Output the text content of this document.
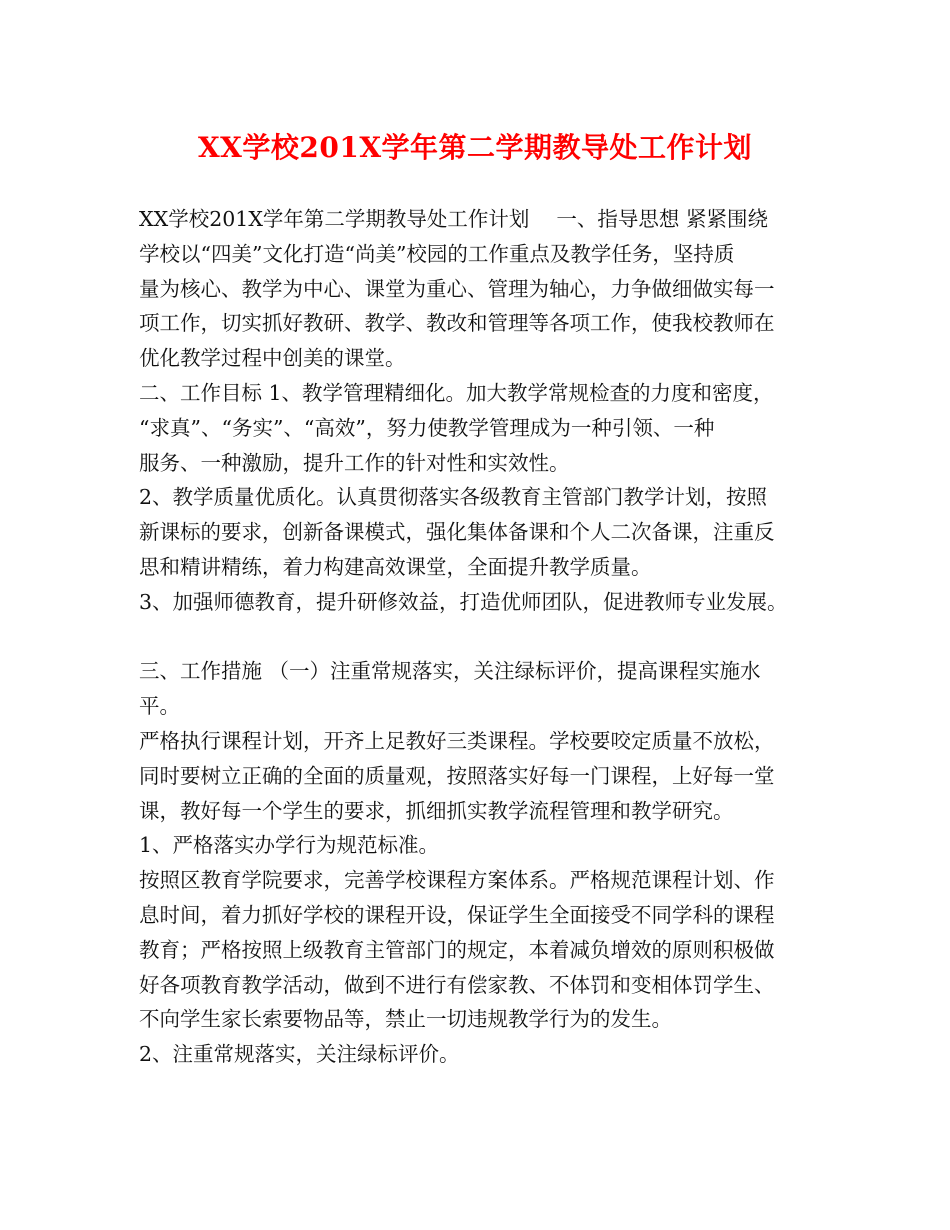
XX学校201X学年第二学期教导处工作计划
XX学校201X学年第二学期教导处工作计划　 一、指导思想 紧紧围绕
学校以“四美”文化打造“尚美”校园的工作重点及教学任务，坚持质
量为核心、教学为中心、课堂为重心、管理为轴心，力争做细做实每一
项工作，切实抓好教研、教学、教改和管理等各项工作，使我校教师在
优化教学过程中创美的课堂。
二、工作目标 1、教学管理精细化。加大教学常规检查的力度和密度，
“求真”、“务实”、“高效”，努力使教学管理成为一种引领、一种
服务、一种激励，提升工作的针对性和实效性。
2、教学质量优质化。认真贯彻落实各级教育主管部门教学计划，按照
新课标的要求，创新备课模式，强化集体备课和个人二次备课，注重反
思和精讲精练，着力构建高效课堂，全面提升教学质量。
3、加强师德教育，提升研修效益，打造优师团队，促进教师专业发展。
三、工作措施 （一）注重常规落实，关注绿标评价，提高课程实施水
平。
严格执行课程计划，开齐上足教好三类课程。学校要咬定质量不放松，
同时要树立正确的全面的质量观，按照落实好每一门课程，上好每一堂
课，教好每一个学生的要求，抓细抓实教学流程管理和教学研究。
1、严格落实办学行为规范标准。
按照区教育学院要求，完善学校课程方案体系。严格规范课程计划、作
息时间，着力抓好学校的课程开设，保证学生全面接受不同学科的课程
教育；严格按照上级教育主管部门的规定，本着减负增效的原则积极做
好各项教育教学活动，做到不进行有偿家教、不体罚和变相体罚学生、
不向学生家长索要物品等，禁止一切违规教学行为的发生。
2、注重常规落实，关注绿标评价。
